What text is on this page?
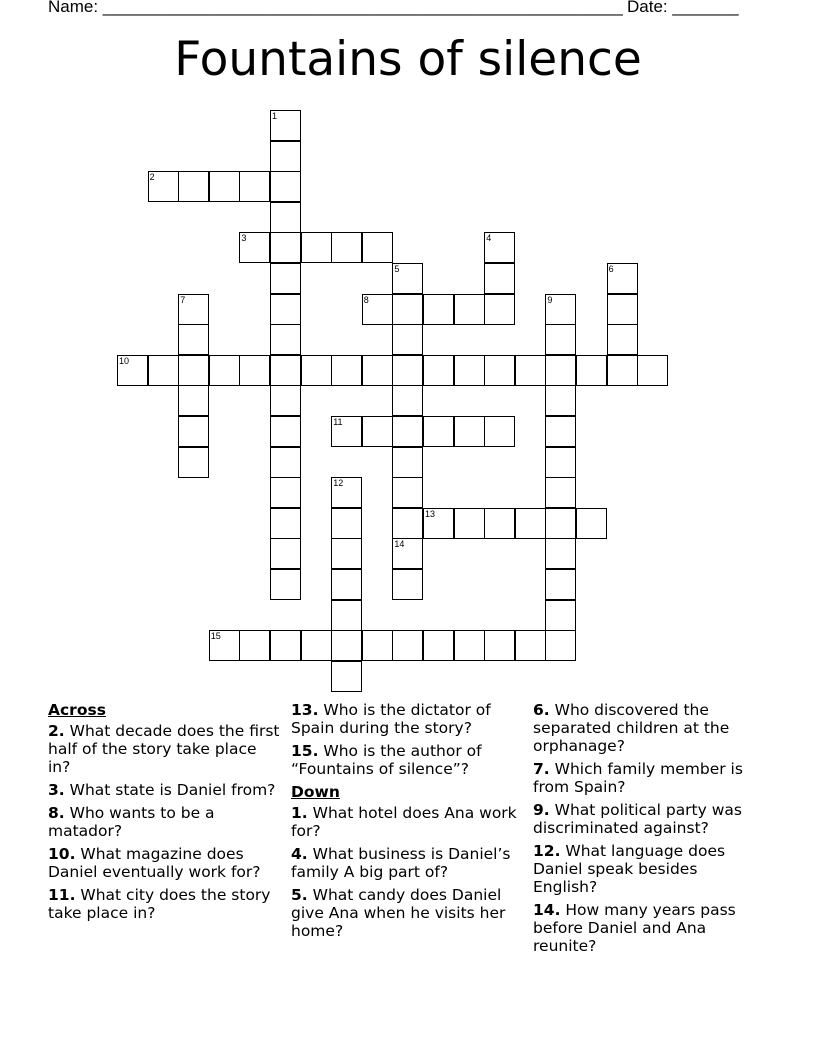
Name: _______________________________________________________ Date: _______
Fountains of silence
1
2
3	4
5	6
7	8	9
10
11
12
13
14
15
Across
2. What decade does the first half of the story take place in?
3. What state is Daniel from?
8. Who wants to be a matador?
10. What magazine does Daniel eventually work for?
11. What city does the story take place in?
13. Who is the dictator of Spain during the story?
15. Who is the author of “Fountains of silence”?
Down
1. What hotel does Ana work for?
4. What business is Daniel’s family A big part of?
5. What candy does Daniel give Ana when he visits her home?
6. Who discovered the separated children at the orphanage?
7. Which family member is from Spain?
9. What political party was discriminated against?
12. What language does Daniel speak besides English?
14. How many years pass before Daniel and Ana reunite?
